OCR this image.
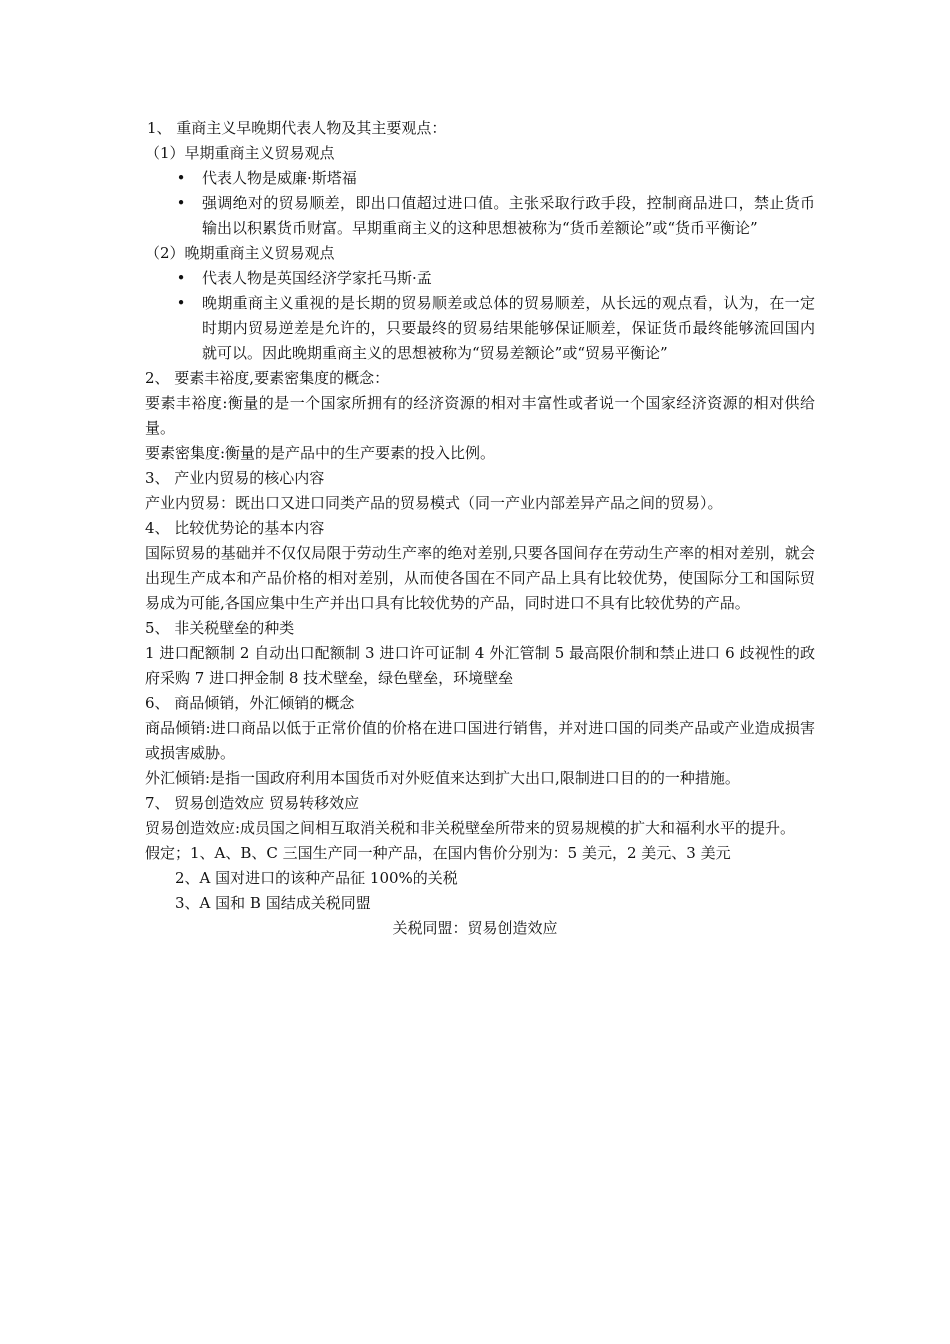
1、 重商主义早晚期代表人物及其主要观点：

（1）早期重商主义贸易观点

• 代表人物是威廉·斯塔福
• 强调绝对的贸易顺差，即出口值超过进口值。主张采取行政手段，控制商品进口，禁止货币输出以积累货币财富。早期重商主义的这种思想被称为“货币差额论”或“货币平衡论”

（2）晚期重商主义贸易观点

• 代表人物是英国经济学家托马斯·孟
• 晚期重商主义重视的是长期的贸易顺差或总体的贸易顺差，从长远的观点看，认为，在一定时期内贸易逆差是允许的，只要最终的贸易结果能够保证顺差，保证货币最终能够流回国内就可以。因此晚期重商主义的思想被称为“贸易差额论”或“贸易平衡论”

2、 要素丰裕度,要素密集度的概念：

要素丰裕度:衡量的是一个国家所拥有的经济资源的相对丰富性或者说一个国家经济资源的相对供给量。

要素密集度:衡量的是产品中的生产要素的投入比例。

3、 产业内贸易的核心内容

产业内贸易：既出口又进口同类产品的贸易模式（同一产业内部差异产品之间的贸易）。

4、 比较优势论的基本内容

国际贸易的基础并不仅仅局限于劳动生产率的绝对差别,只要各国间存在劳动生产率的相对差别，就会出现生产成本和产品价格的相对差别，从而使各国在不同产品上具有比较优势，使国际分工和国际贸易成为可能,各国应集中生产并出口具有比较优势的产品，同时进口不具有比较优势的产品。

5、 非关税壁垒的种类

1 进口配额制 2 自动出口配额制 3 进口许可证制 4 外汇管制 5 最高限价制和禁止进口 6 歧视性的政府采购 7 进口押金制 8 技术壁垒，绿色壁垒，环境壁垒

6、 商品倾销，外汇倾销的概念

商品倾销:进口商品以低于正常价值的价格在进口国进行销售，并对进口国的同类产品或产业造成损害或损害威胁。

外汇倾销:是指一国政府利用本国货币对外贬值来达到扩大出口,限制进口目的的一种措施。

7、 贸易创造效应 贸易转移效应

贸易创造效应:成员国之间相互取消关税和非关税壁垒所带来的贸易规模的扩大和福利水平的提升。

假定；1、A、B、C 三国生产同一种产品，在国内售价分别为：5 美元，2 美元、3 美元

2、A 国对进口的该种产品征 100%的关税

3、A 国和 B 国结成关税同盟

关税同盟：贸易创造效应
